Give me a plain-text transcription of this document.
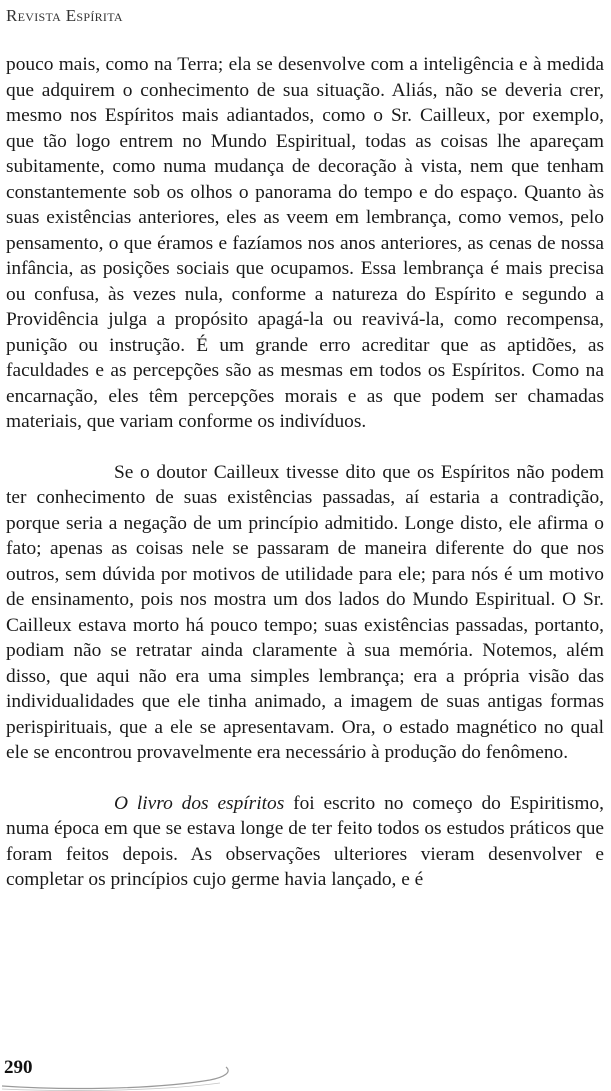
Revista Espírita

pouco mais, como na Terra; ela se desenvolve com a inteligência e à medida que adquirem o conhecimento de sua situação. Aliás, não se deveria crer, mesmo nos Espíritos mais adiantados, como o Sr. Cailleux, por exemplo, que tão logo entrem no Mundo Espiritual, todas as coisas lhe apareçam subitamente, como numa mudança de decoração à vista, nem que tenham constantemente sob os olhos o panorama do tempo e do espaço. Quanto às suas existências anteriores, eles as veem em lembrança, como vemos, pelo pensamento, o que éramos e fazíamos nos anos anteriores, as cenas de nossa infância, as posições sociais que ocupamos. Essa lembrança é mais precisa ou confusa, às vezes nula, conforme a natureza do Espírito e segundo a Providência julga a propósito apagá-la ou reavivá-la, como recompensa, punição ou instrução. É um grande erro acreditar que as aptidões, as faculdades e as percepções são as mesmas em todos os Espíritos. Como na encarnação, eles têm percepções morais e as que podem ser chamadas materiais, que variam conforme os indivíduos.

Se o doutor Cailleux tivesse dito que os Espíritos não podem ter conhecimento de suas existências passadas, aí estaria a contradição, porque seria a negação de um princípio admitido. Longe disto, ele afirma o fato; apenas as coisas nele se passaram de maneira diferente do que nos outros, sem dúvida por motivos de utilidade para ele; para nós é um motivo de ensinamento, pois nos mostra um dos lados do Mundo Espiritual. O Sr. Cailleux estava morto há pouco tempo; suas existências passadas, portanto, podiam não se retratar ainda claramente à sua memória. Notemos, além disso, que aqui não era uma simples lembrança; era a própria visão das individualidades que ele tinha animado, a imagem de suas antigas formas perispirituais, que a ele se apresentavam. Ora, o estado magnético no qual ele se encontrou provavelmente era necessário à produção do fenômeno.

O livro dos espíritos foi escrito no começo do Espiritismo, numa época em que se estava longe de ter feito todos os estudos práticos que foram feitos depois. As observações ulteriores vieram desenvolver e completar os princípios cujo germe havia lançado, e é

290
